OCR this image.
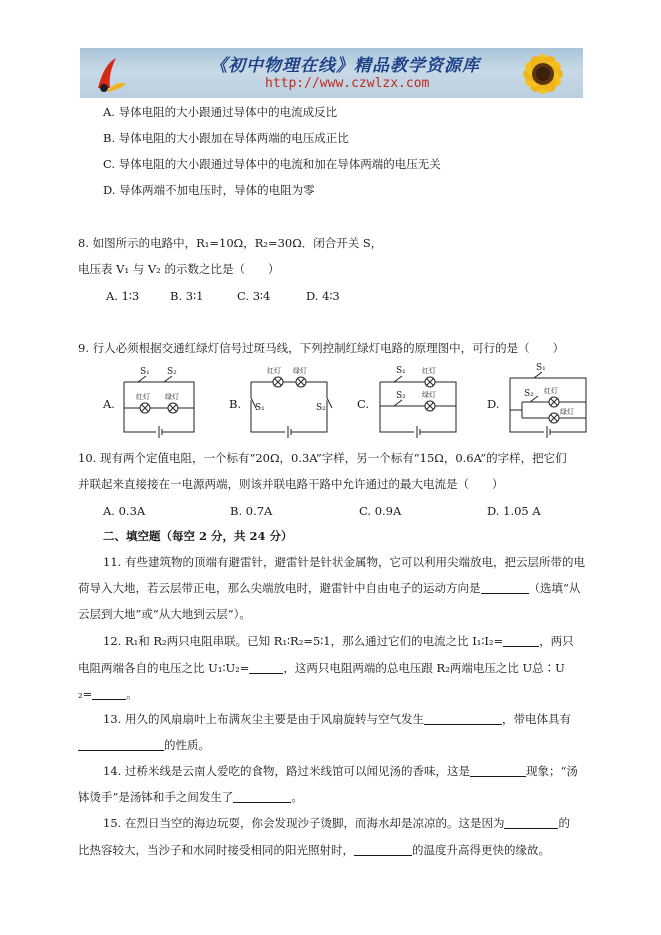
《初中物理在线》精品教学资源库
http://www.czwlzx.com
A. 导体电阻的大小跟通过导体中的电流成反比
B. 导体电阻的大小跟加在导体两端的电压成正比
C. 导体电阻的大小跟通过导体中的电流和加在导体两端的电压无关
D. 导体两端不加电压时，导体的电阻为零
8. 如图所示的电路中，R₁=10Ω，R₂=30Ω．闭合开关 S，
电压表 V₁ 与 V₂ 的示数之比是（　　）
A. 1∶3	B. 3∶1	C. 3∶4	D. 4∶3
9. 行人必须根据交通红绿灯信号过斑马线，下列控制红绿灯电路的原理图中，可行的是（　　）
A.
S₁ S₂
红灯 绿灯	B.
红灯 绿灯
S₁	S₂	C.
S₁ 红灯
S₂ 绿灯
D.
S₁
S₂ 红灯
绿灯
10. 现有两个定值电阻，一个标有“20Ω，0.3A”字样，另一个标有“15Ω，0.6A”的字样，把它们
并联起来直接接在一电源两端，则该并联电路干路中允许通过的最大电流是（　　）
A. 0.3A	B. 0.7A	C. 0.9A	D. 1.05 A
二、填空题（每空 2 分，共 24 分）
11. 有些建筑物的顶端有避雷针，避雷针是针状金属物，它可以利用尖端放电，把云层所带的电
荷导入大地，若云层带正电，那么尖端放电时，避雷针中自由电子的运动方向是	（选填“从
云层到大地”或“从大地到云层”）。
12. R₁和 R₂两只电阻串联。已知 R₁∶R₂=5∶1，那么通过它们的电流之比 I₁∶I₂=	，两只
电阻两端各自的电压之比 U₁∶U₂=	，这两只电阻两端的总电压跟 R₂两端电压之比 U总∶U
₂=	。
13. 用久的风扇扇叶上布满灰尘主要是由于风扇旋转与空气发生	，带电体具有
的性质。
14. 过桥米线是云南人爱吃的食物，路过米线馆可以闻见汤的香味，这是	现象；“汤
钵烫手”是汤钵和手之间发生了	。
15. 在烈日当空的海边玩耍，你会发现沙子烫脚，而海水却是凉凉的。这是因为	的
比热容较大，当沙子和水同时接受相同的阳光照射时，	的温度升高得更快的缘故。
